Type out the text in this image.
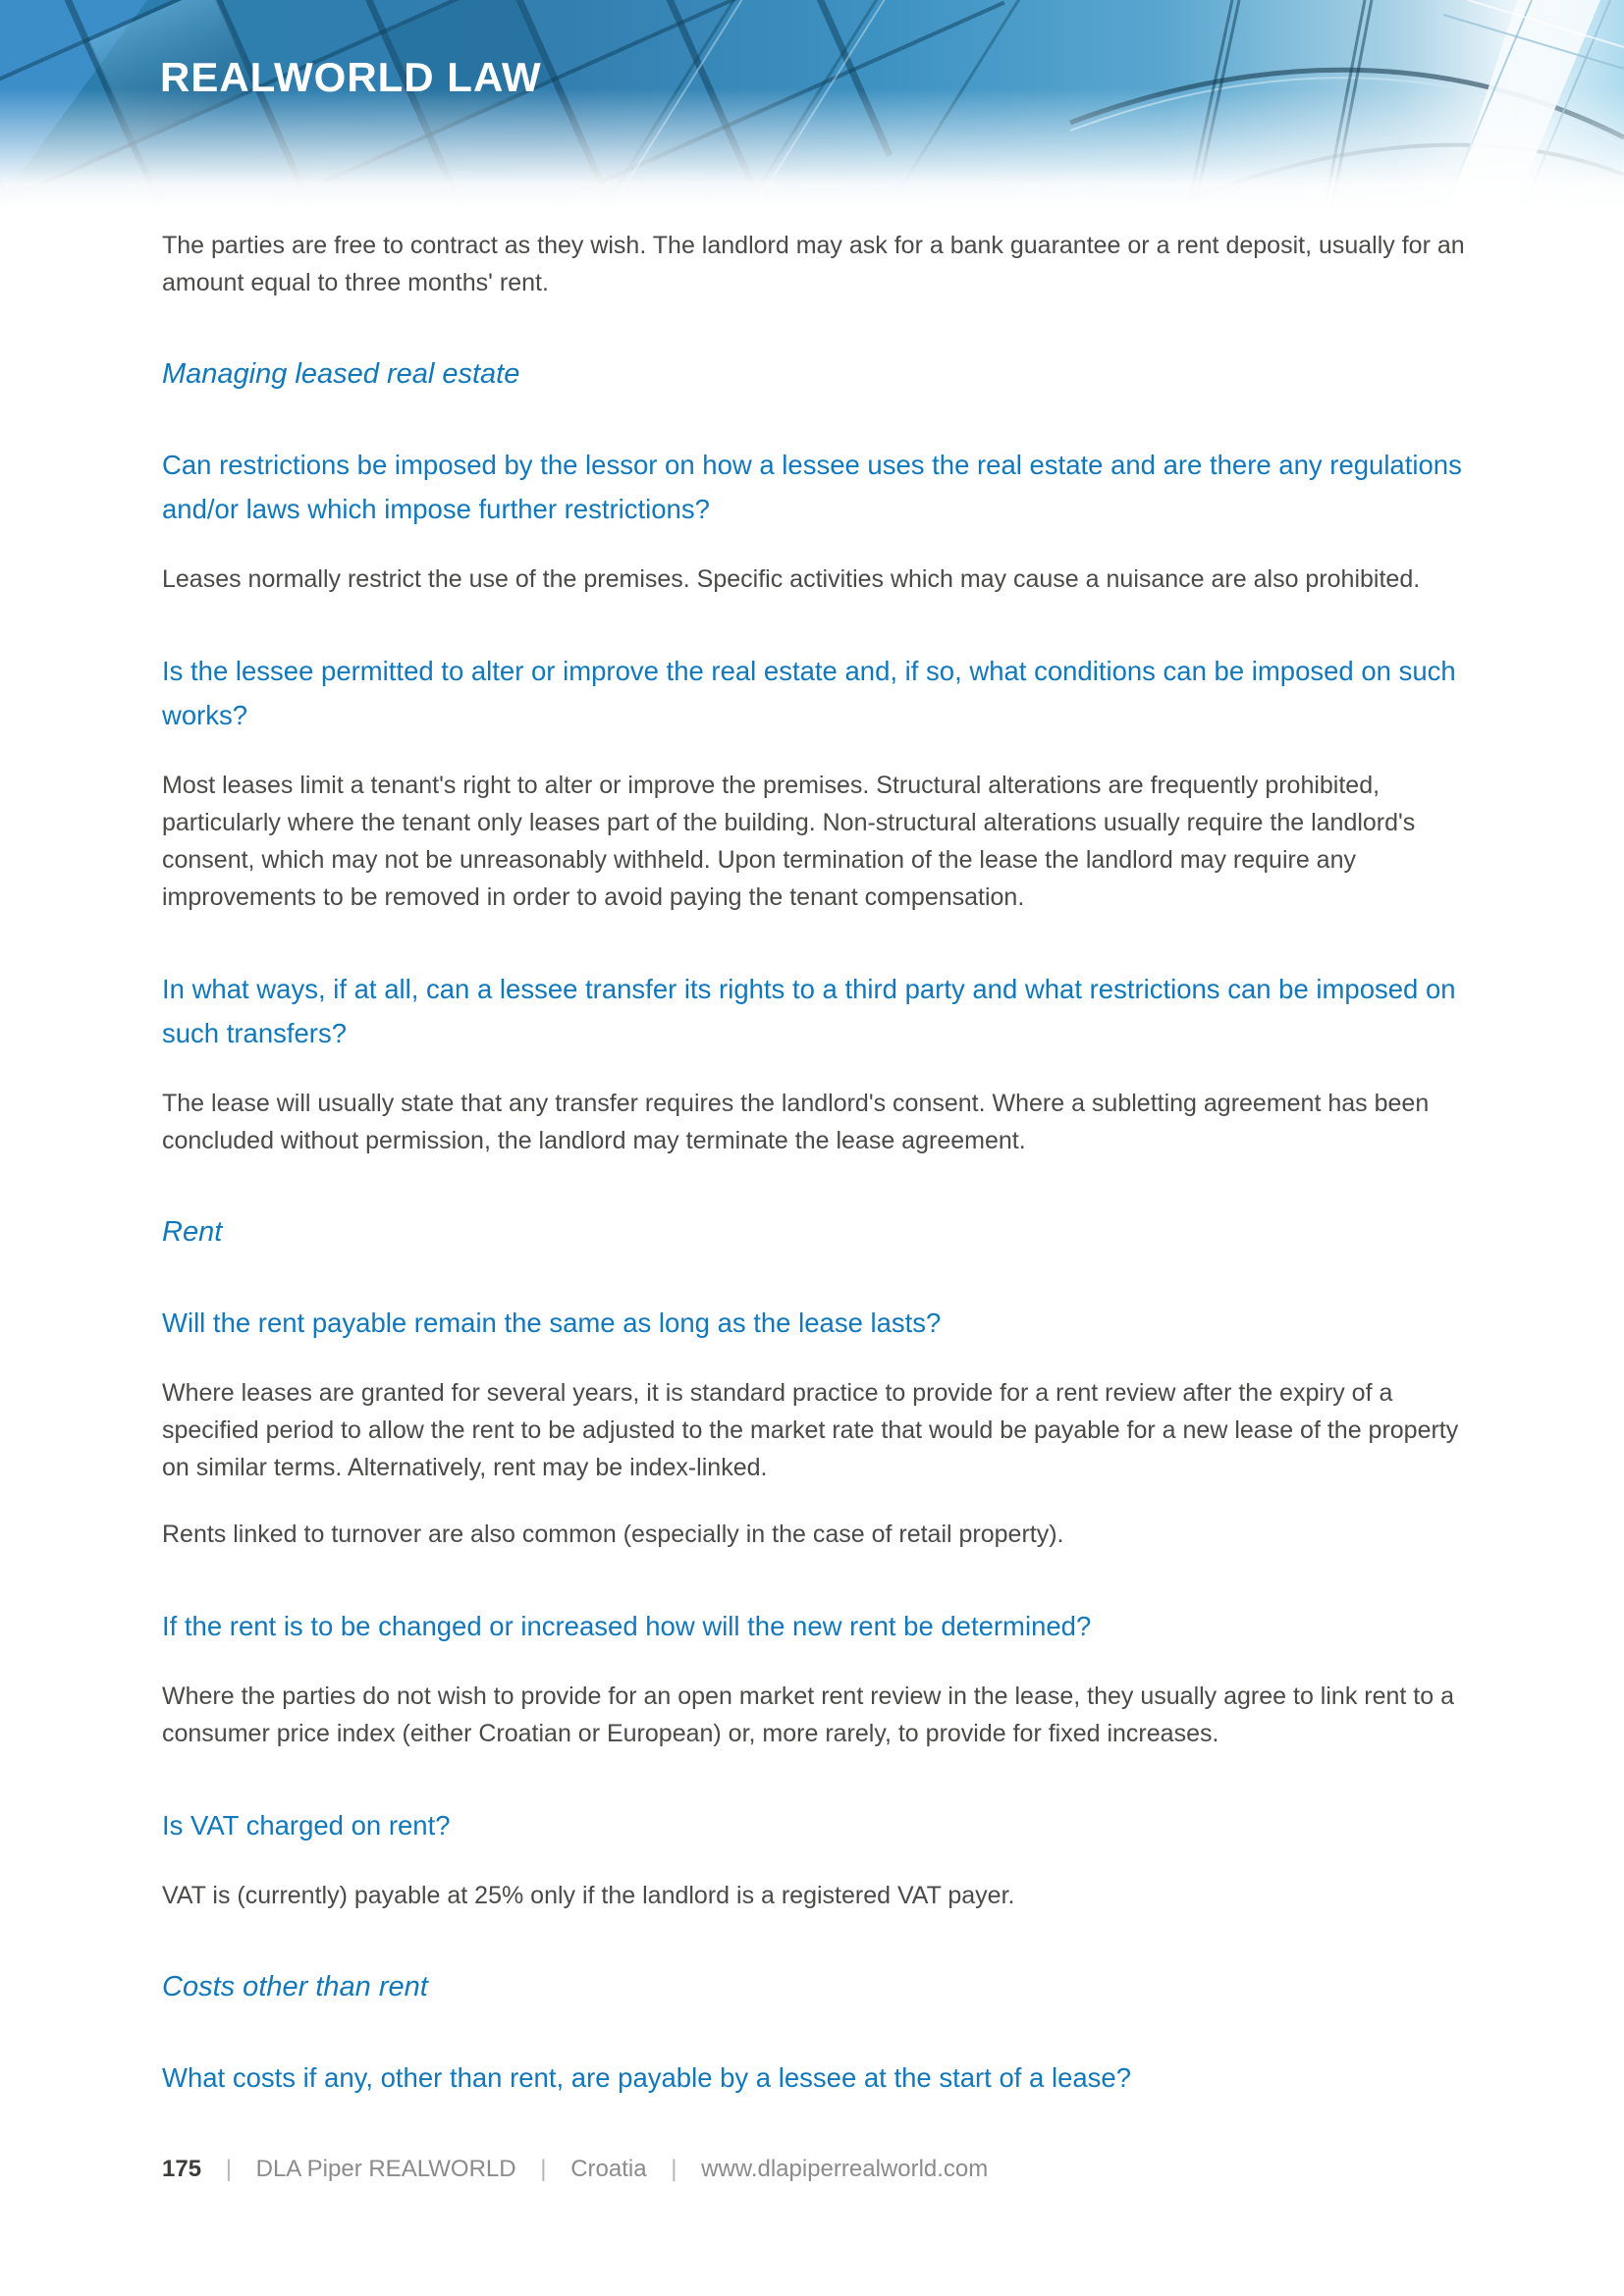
REALWORLD LAW

The parties are free to contract as they wish. The landlord may ask for a bank guarantee or a rent deposit, usually for an amount equal to three months' rent.

Managing leased real estate
Can restrictions be imposed by the lessor on how a lessee uses the real estate and are there any regulations and/or laws which impose further restrictions?

Leases normally restrict the use of the premises. Specific activities which may cause a nuisance are also prohibited.

Is the lessee permitted to alter or improve the real estate and, if so, what conditions can be imposed on such works?

Most leases limit a tenant's right to alter or improve the premises. Structural alterations are frequently prohibited, particularly where the tenant only leases part of the building. Non-structural alterations usually require the landlord's consent, which may not be unreasonably withheld. Upon termination of the lease the landlord may require any improvements to be removed in order to avoid paying the tenant compensation.

In what ways, if at all, can a lessee transfer its rights to a third party and what restrictions can be imposed on such transfers?

The lease will usually state that any transfer requires the landlord's consent. Where a subletting agreement has been concluded without permission, the landlord may terminate the lease agreement.

Rent
Will the rent payable remain the same as long as the lease lasts?

Where leases are granted for several years, it is standard practice to provide for a rent review after the expiry of a specified period to allow the rent to be adjusted to the market rate that would be payable for a new lease of the property on similar terms. Alternatively, rent may be index-linked.

Rents linked to turnover are also common (especially in the case of retail property).

If the rent is to be changed or increased how will the new rent be determined?

Where the parties do not wish to provide for an open market rent review in the lease, they usually agree to link rent to a consumer price index (either Croatian or European) or, more rarely, to provide for fixed increases.

Is VAT charged on rent?

VAT is (currently) payable at 25% only if the landlord is a registered VAT payer.

Costs other than rent
What costs if any, other than rent, are payable by a lessee at the start of a lease?
175 | DLA Piper REALWORLD | Croatia | www.dlapiperrealworld.com
